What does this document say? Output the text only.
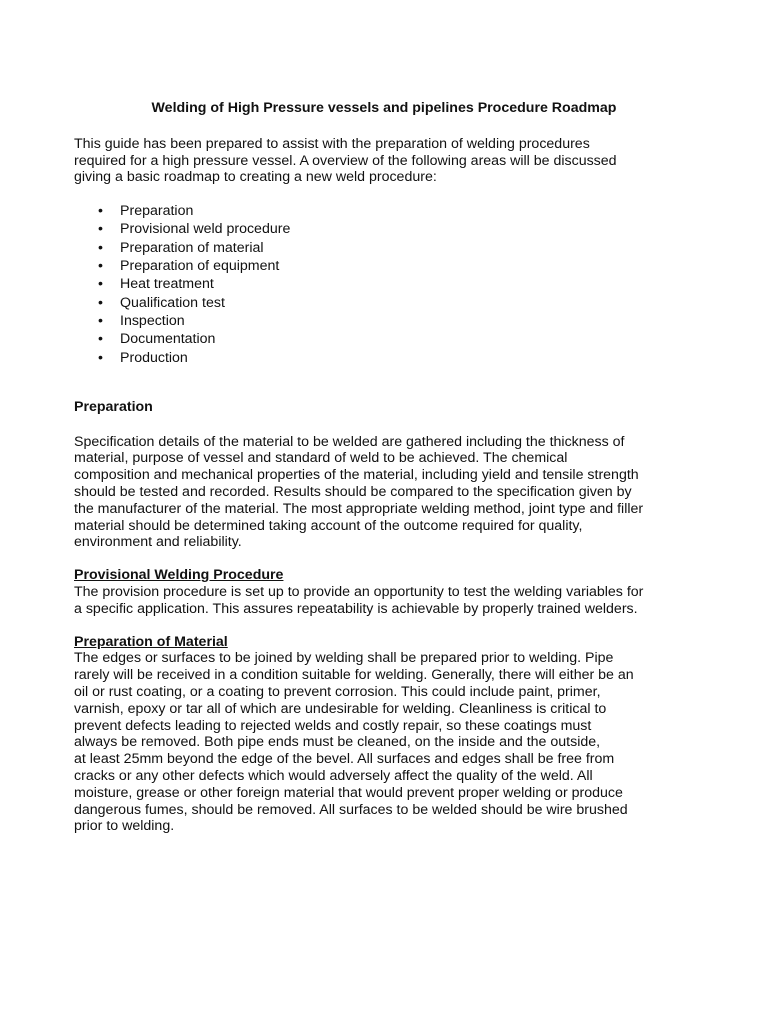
Welding of High Pressure vessels and pipelines Procedure Roadmap

This guide has been prepared to assist with the preparation of welding procedures
required for a high pressure vessel. A overview of the following areas will be discussed
giving a basic roadmap to creating a new weld procedure:

• Preparation
• Provisional weld procedure
• Preparation of material
• Preparation of equipment
• Heat treatment
• Qualification test
• Inspection
• Documentation
• Production

Preparation

Specification details of the material to be welded are gathered including the thickness of
material, purpose of vessel and standard of weld to be achieved. The chemical
composition and mechanical properties of the material, including yield and tensile strength
should be tested and recorded. Results should be compared to the specification given by
the manufacturer of the material. The most appropriate welding method, joint type and filler
material should be determined taking account of the outcome required for quality,
environment and reliability.

Provisional Welding Procedure

The provision procedure is set up to provide an opportunity to test the welding variables for
a specific application. This assures repeatability is achievable by properly trained welders.

Preparation of Material

The edges or surfaces to be joined by welding shall be prepared prior to welding. Pipe
rarely will be received in a condition suitable for welding. Generally, there will either be an
oil or rust coating, or a coating to prevent corrosion. This could include paint, primer,
varnish, epoxy or tar all of which are undesirable for welding. Cleanliness is critical to
prevent defects leading to rejected welds and costly repair, so these coatings must
always be removed. Both pipe ends must be cleaned, on the inside and the outside,
at least 25mm beyond the edge of the bevel. All surfaces and edges shall be free from
cracks or any other defects which would adversely affect the quality of the weld. All
moisture, grease or other foreign material that would prevent proper welding or produce
dangerous fumes, should be removed. All surfaces to be welded should be wire brushed
prior to welding.
